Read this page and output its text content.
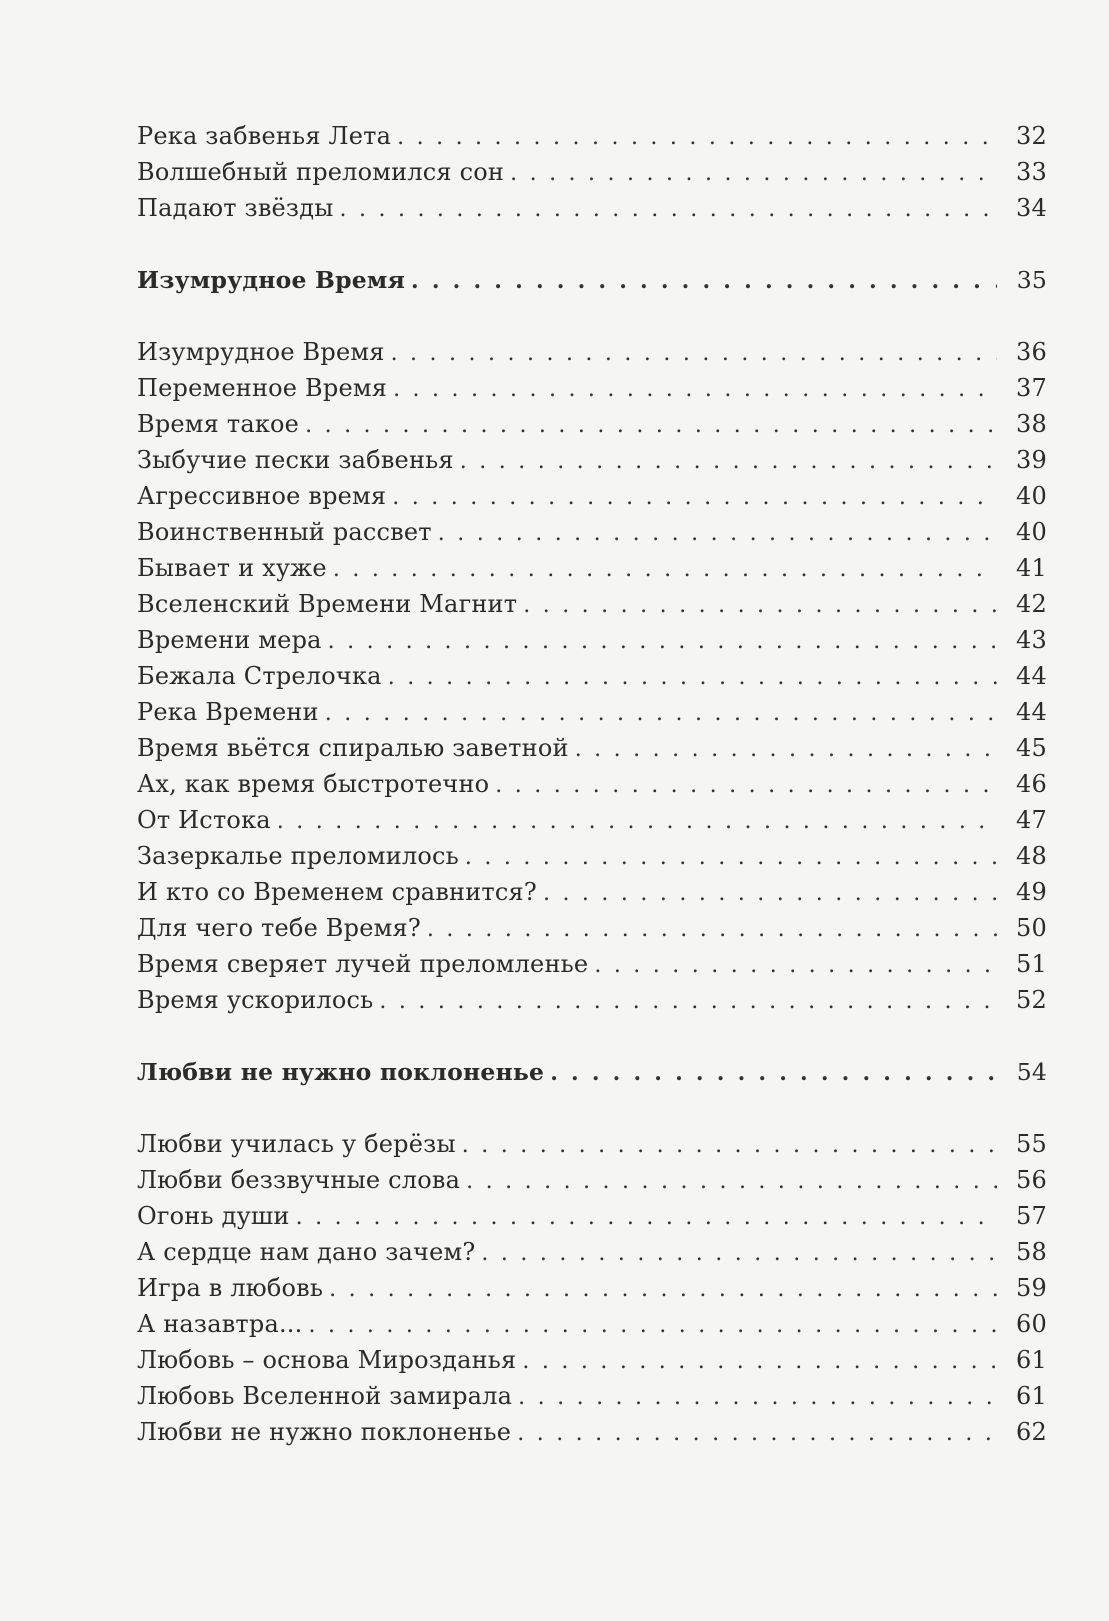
Река забвенья Лета . . .	32
Волшебный преломился сон . . .	33
Падают звёзды . . .	34
Изумрудное Время . . .	35
Изумрудное Время . . .	36
Переменное Время . . .	37
Время такое . . .	38
Зыбучие пески забвенья . . .	39
Агрессивное время . . .	40
Воинственный рассвет . . .	40
Бывает и хуже . . .	41
Вселенский Времени Магнит . . .	42
Времени мера . . .	43
Бежала Стрелочка . . .	44
Река Времени . . .	44
Время вьётся спиралью заветной . . .	45
Ах, как время быстротечно . . .	46
От Истока . . .	47
Зазеркалье преломилось . . .	48
И кто со Временем сравнится? . . .	49
Для чего тебе Время? . . .	50
Время сверяет лучей преломленье . . .	51
Время ускорилось . . .	52
Любви не нужно поклоненье . . .	54
Любви училась у берёзы . . .	55
Любви беззвучные слова . . .	56
Огонь души . . .	57
А сердце нам дано зачем? . . .	58
Игра в любовь . . .	59
А назавтра... . . .	60
Любовь – основа Мирозданья . . .	61
Любовь Вселенной замирала . . .	61
Любви не нужно поклоненье . . .	62
